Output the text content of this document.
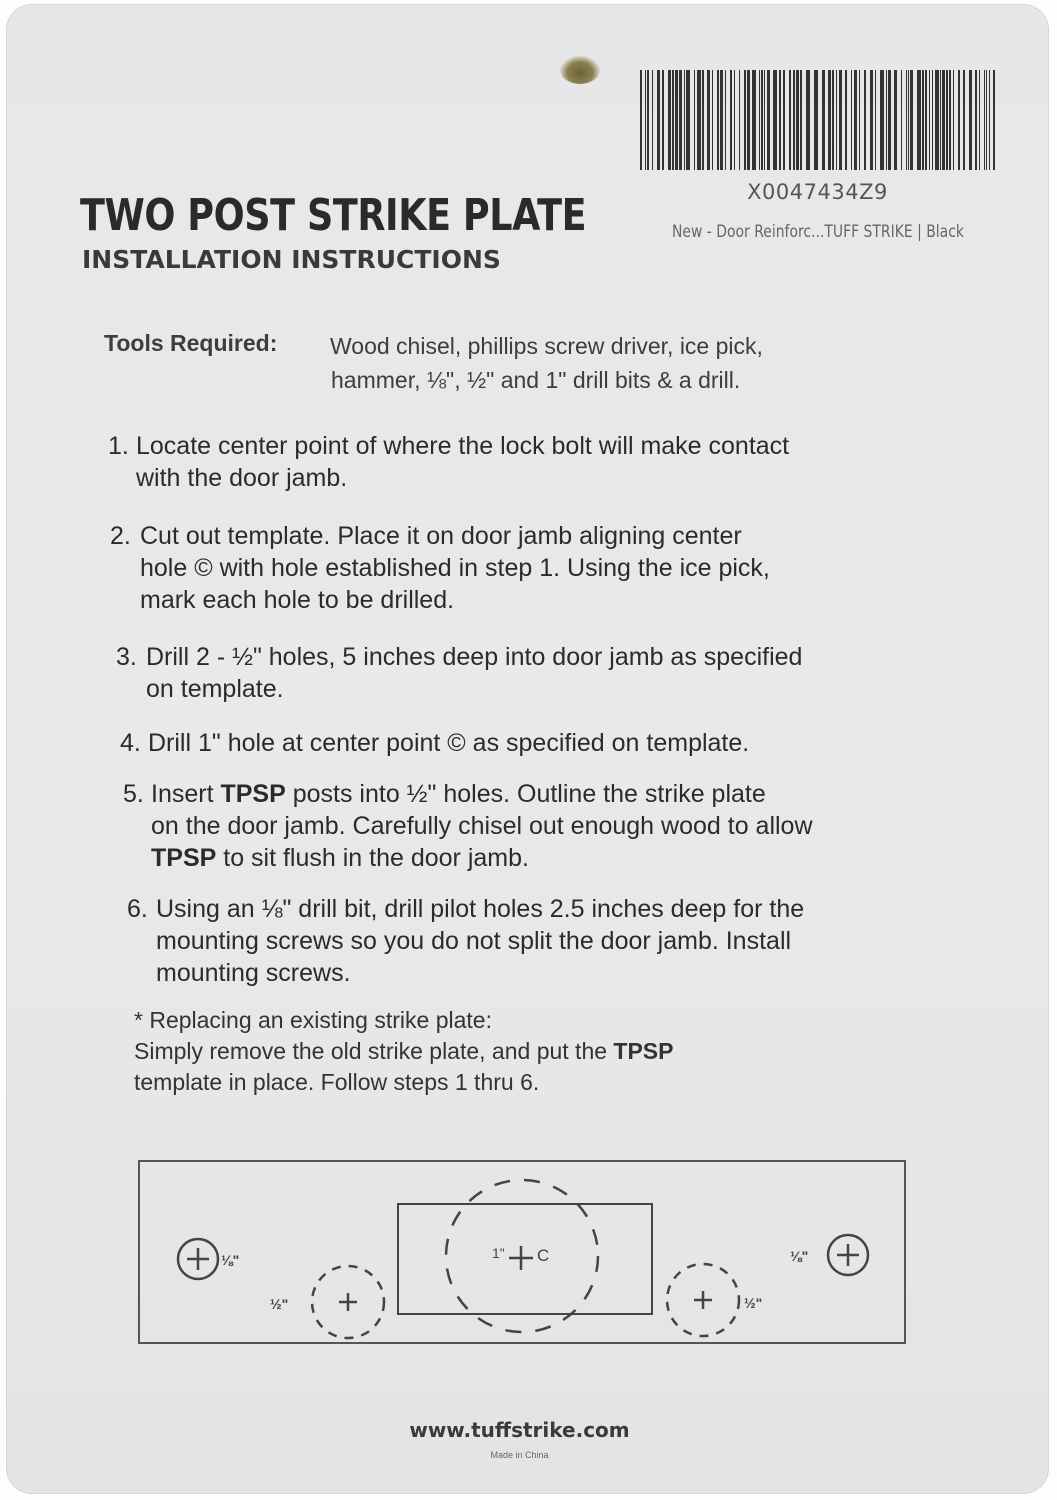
X0047434Z9
New - Door Reinforc...TUFF STRIKE | Black
TWO POST STRIKE PLATE
INSTALLATION INSTRUCTIONS
Tools Required: Wood chisel, phillips screw driver, ice pick,
hammer, ⅛", ½" and 1" drill bits & a drill.
1. Locate center point of where the lock bolt will make contact
with the door jamb.
2. Cut out template. Place it on door jamb aligning center
hole © with hole established in step 1. Using the ice pick,
mark each hole to be drilled.
3. Drill 2 - ½" holes, 5 inches deep into door jamb as specified
on template.
4. Drill 1" hole at center point © as specified on template.
5. Insert TPSP posts into ½" holes. Outline the strike plate
on the door jamb. Carefully chisel out enough wood to allow
TPSP to sit flush in the door jamb.
6. Using an ⅛" drill bit, drill pilot holes 2.5 inches deep for the
mounting screws so you do not split the door jamb. Install
mounting screws.
* Replacing an existing strike plate:
Simply remove the old strike plate, and put the TPSP
template in place. Follow steps 1 thru 6.
1" C
⅛"	⅛"
½"	½"
www.tuffstrike.com
Made in China
